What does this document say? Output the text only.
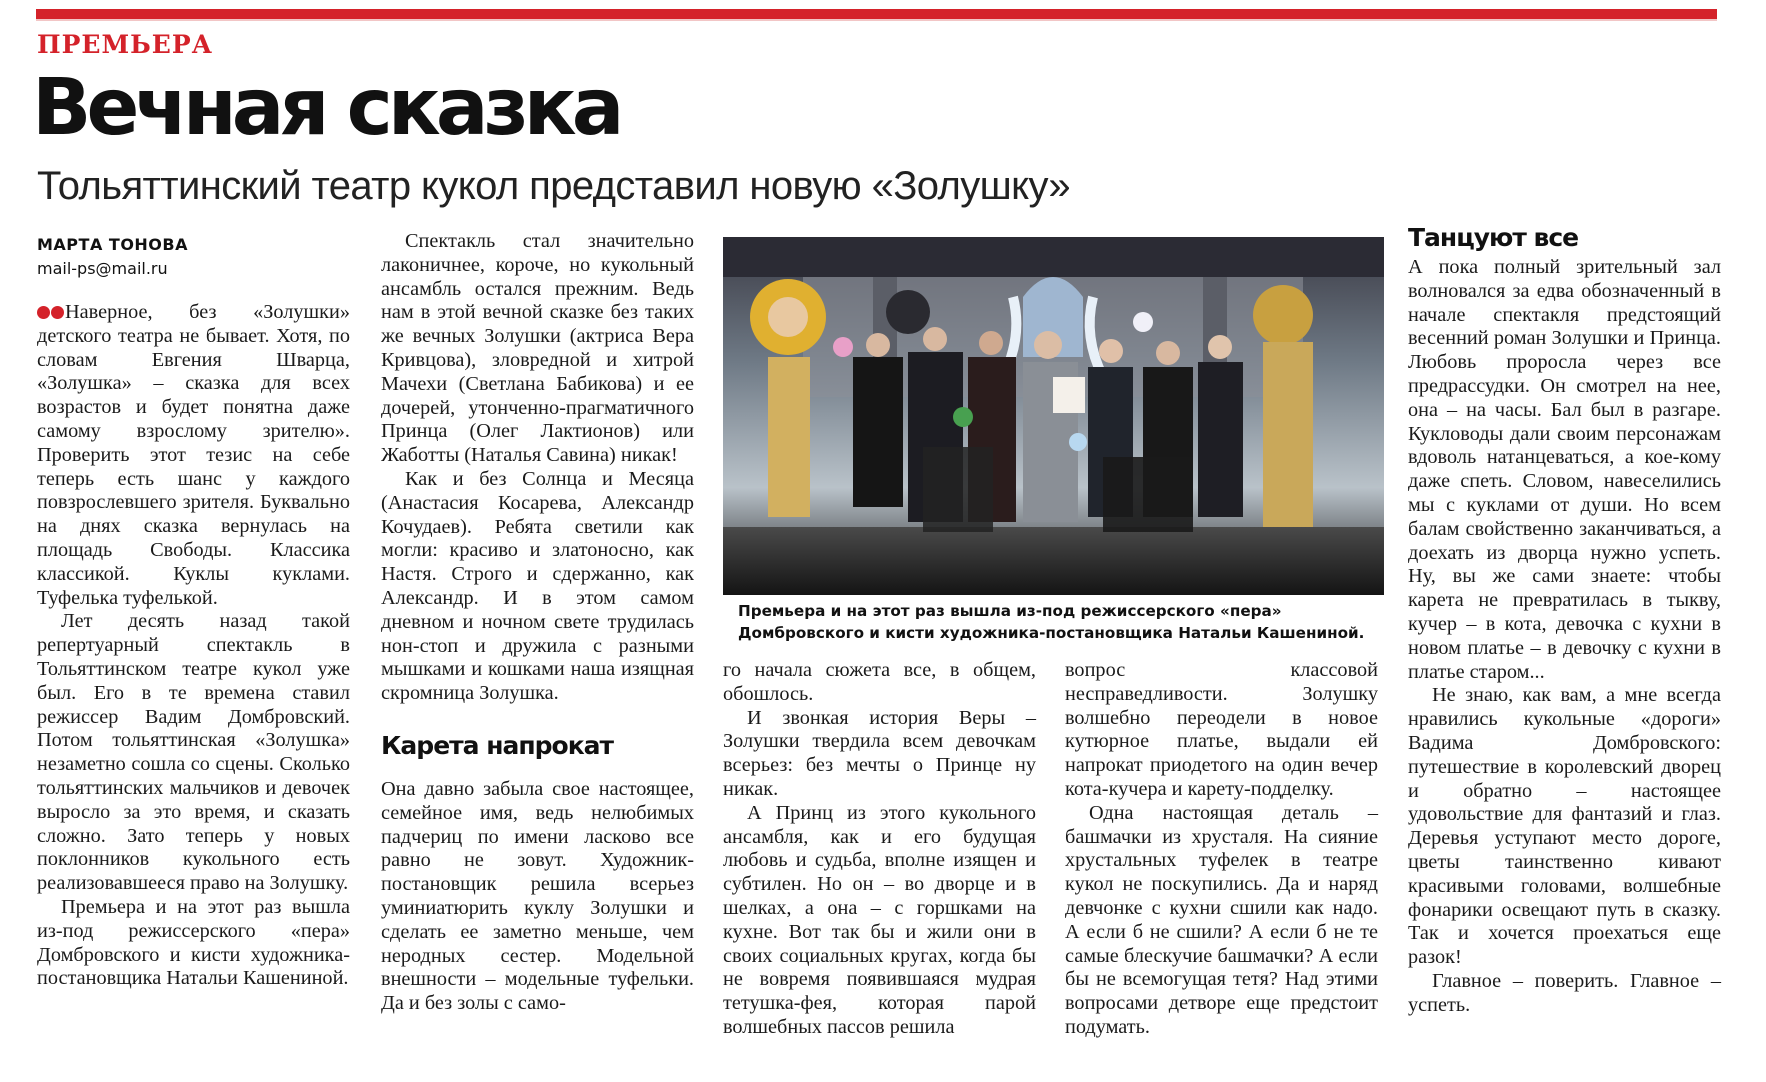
ПРЕМЬЕРА
Вечная сказка
Тольяттинский театр кукол представил новую «Золушку»
МАРТА ТОНОВА
mail-ps@mail.ru

Наверное, без «Золушки» детского театра не бывает. Хотя, по словам Евгения Шварца, «Золушка» – сказка для всех возрастов и будет понятна даже самому взрослому зрителю». Проверить этот тезис на себе теперь есть шанс у каждого повзрослевшего зрителя. Буквально на днях сказка вернулась на площадь Свободы. Классика классикой. Куклы куклами. Туфелька туфелькой.

Лет десять назад такой репертуарный спектакль в Тольяттинском театре кукол уже был. Его в те времена ставил режиссер Вадим Домбровский. Потом тольяттинская «Золушка» незаметно сошла со сцены. Сколько тольяттинских мальчиков и девочек выросло за это время, и сказать сложно. Зато теперь у новых поклонников кукольного есть реализовавшееся право на Золушку.

Премьера и на этот раз вышла из-под режиссерского «пера» Домбровского и кисти художника-постановщика Натальи Кашениной.

Спектакль стал значительно лаконичнее, короче, но кукольный ансамбль остался прежним. Ведь нам в этой вечной сказке без таких же вечных Золушки (актриса Вера Кривцова), зловредной и хитрой Мачехи (Светлана Бабикова) и ее дочерей, утонченно-прагматичного Принца (Олег Лактионов) или Жаботты (Наталья Савина) никак!

Как и без Солнца и Месяца (Анастасия Косарева, Александр Кочудаев). Ребята светили как могли: красиво и златоносно, как Настя. Строго и сдержанно, как Александр. И в этом самом дневном и ночном свете трудилась нон-стоп и дружила с разными мышками и кошками наша изящная скромница Золушка.

Карета напрокат

Она давно забыла свое настоящее, семейное имя, ведь нелюбимых падчериц по имени ласково все равно не зовут. Художник-постановщик решила всерьез уминиатюрить куклу Золушки и сделать ее заметно меньше, чем неродных сестер. Модельной внешности – модельные туфельки. Да и без золы с само-

Премьера и на этот раз вышла из-под режиссерского «пера» Домбровского и кисти художника-постановщика Натальи Кашениной.

го начала сюжета все, в общем, обошлось.

И звонкая история Веры – Золушки твердила всем девочкам всерьез: без мечты о Принце ну никак.

А Принц из этого кукольного ансамбля, как и его будущая любовь и судьба, вполне изящен и субтилен. Но он – во дворце и в шелках, а она – с горшками на кухне. Вот так бы и жили они в своих социальных кругах, когда бы не вовремя появившаяся мудрая тетушка-фея, которая парой волшебных пассов решила

вопрос классовой несправедливости. Золушку волшебно переодели в новое кутюрное платье, выдали ей напрокат приодетого на один вечер кота-кучера и карету-подделку.

Одна настоящая деталь – башмачки из хрусталя. На сияние хрустальных туфелек в театре кукол не поскупились. Да и наряд девчонке с кухни сшили как надо. А если б не сшили? А если б не те самые блескучие башмачки? А если бы не всемогущая тетя? Над этими вопросами детворе еще предстоит подумать.

Танцуют все

А пока полный зрительный зал волновался за едва обозначенный в начале спектакля предстоящий весенний роман Золушки и Принца. Любовь проросла через все предрассудки. Он смотрел на нее, она – на часы. Бал был в разгаре. Кукловоды дали своим персонажам вдоволь натанцеваться, а кое-кому даже спеть. Словом, навеселились мы с куклами от души. Но всем балам свойственно заканчиваться, а доехать из дворца нужно успеть. Ну, вы же сами знаете: чтобы карета не превратилась в тыкву, кучер – в кота, девочка с кухни в новом платье – в девочку с кухни в платье старом...

Не знаю, как вам, а мне всегда нравились кукольные «дороги» Вадима Домбровского: путешествие в королевский дворец и обратно – настоящее удовольствие для фантазий и глаз. Деревья уступают место дороге, цветы таинственно кивают красивыми головами, волшебные фонарики освещают путь в сказку. Так и хочется проехаться еще разок!

Главное – поверить. Главное – успеть.
